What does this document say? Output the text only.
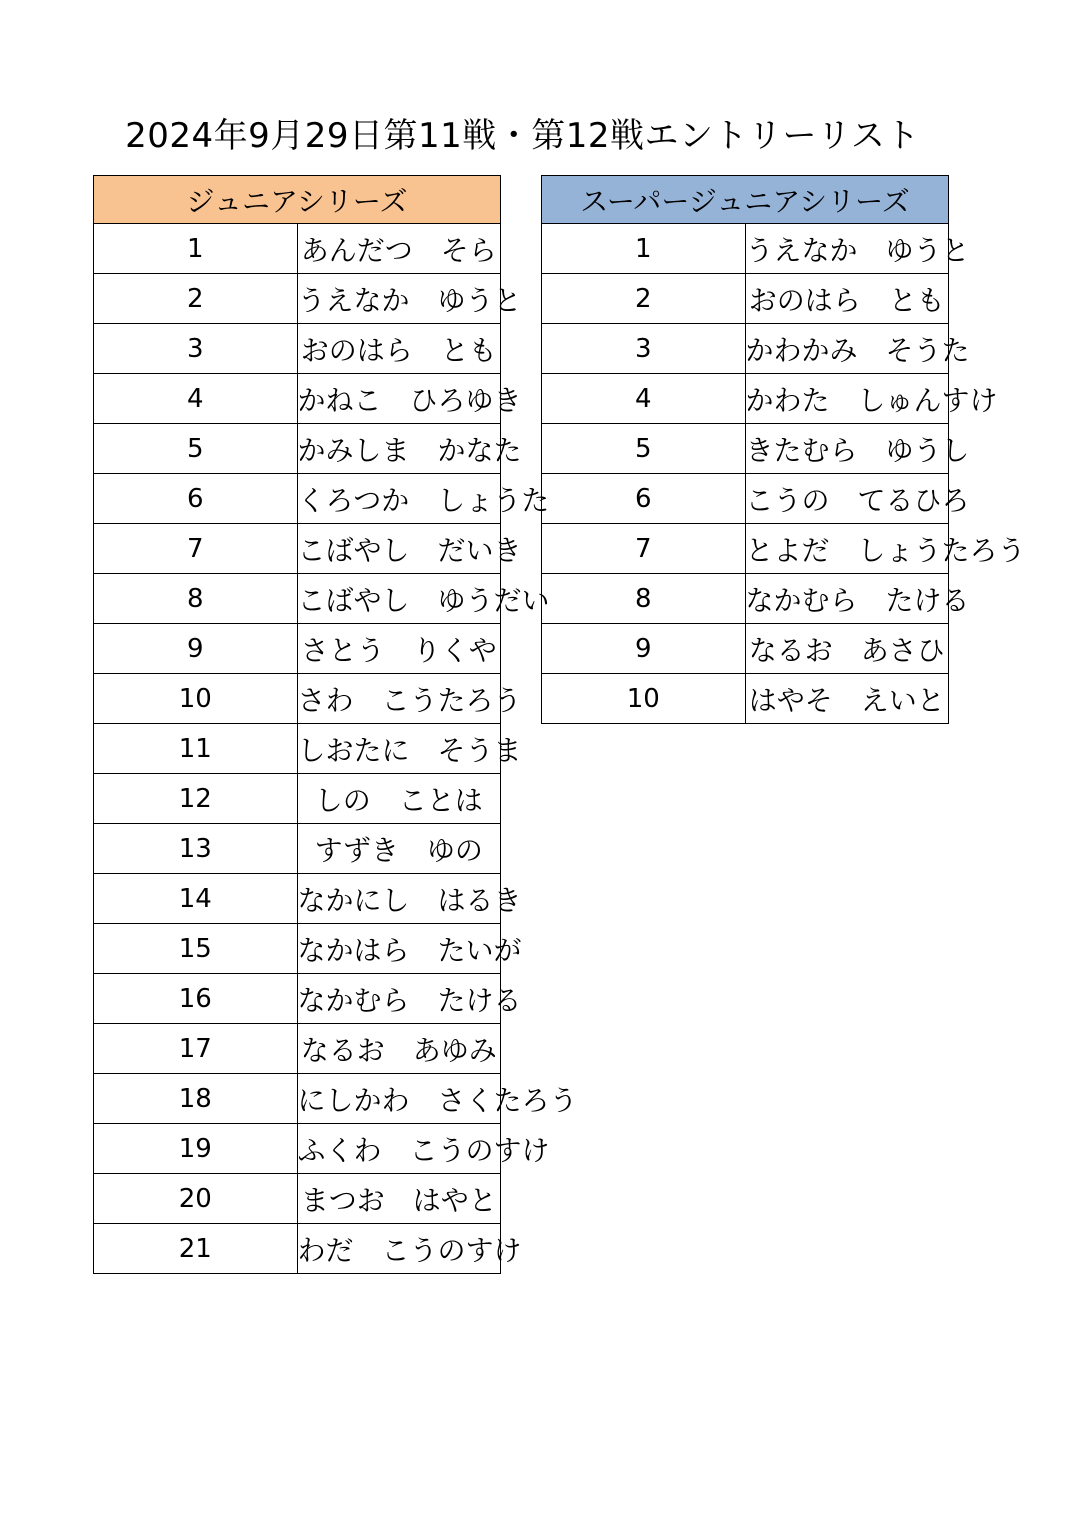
2024年9月29日第11戦・第12戦エントリーリスト
ジュニアシリーズ	
1	あんだつ　そら
2	うえなか　ゆうと
3	おのはら　とも
4	かねこ　ひろゆき
5	かみしま　かなた
6	くろつか　しょうた
7	こばやし　だいき
8	こばやし　ゆうだい
9	さとう　りくや
10	さわ　こうたろう
11	しおたに　そうま
12	しの　ことは
13	すずき　ゆの
14	なかにし　はるき
15	なかはら　たいが
16	なかむら　たける
17	なるお　あゆみ
18	にしかわ　さくたろう
19	ふくわ　こうのすけ
20	まつお　はやと
21	わだ　こうのすけ
スーパージュニアシリーズ	
1	うえなか　ゆうと
2	おのはら　とも
3	かわかみ　そうた
4	かわた　しゅんすけ
5	きたむら　ゆうし
6	こうの　てるひろ
7	とよだ　しょうたろう
8	なかむら　たける
9	なるお　あさひ
10	はやそ　えいと
